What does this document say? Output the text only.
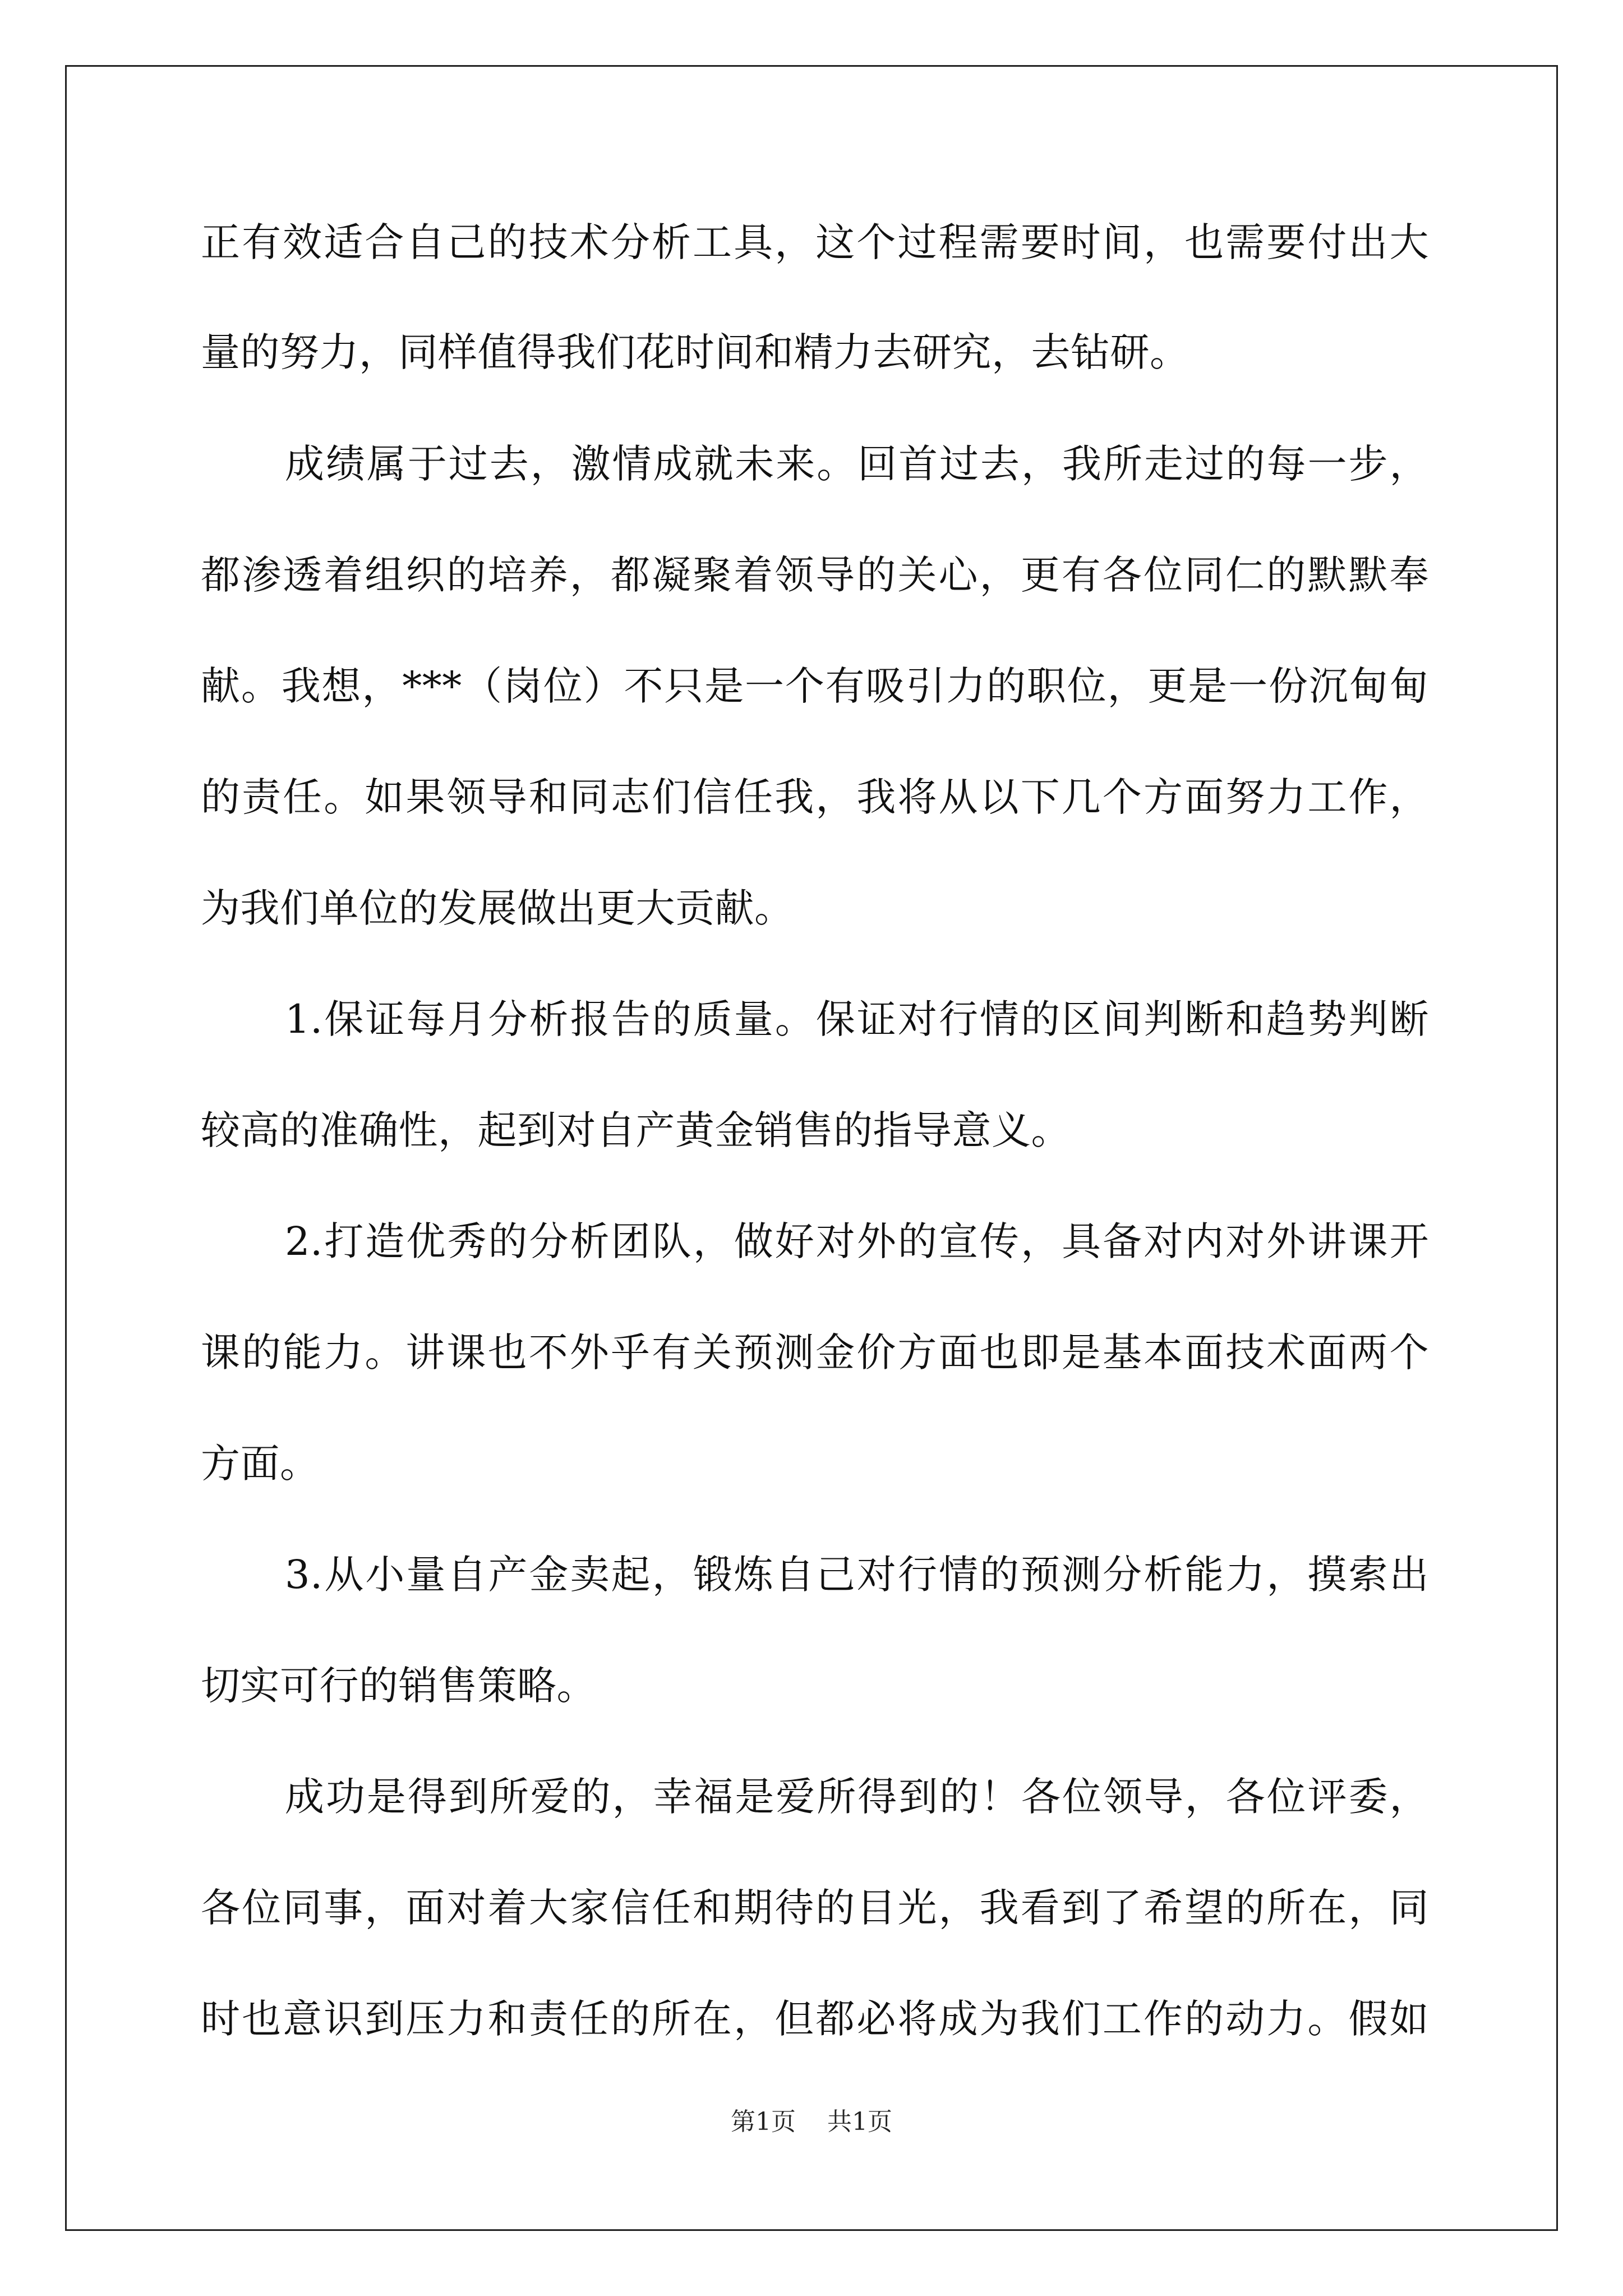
正有效适合自己的技术分析工具，这个过程需要时间，也需要付出大
量的努力，同样值得我们花时间和精力去研究，去钻研。
成绩属于过去，激情成就未来。回首过去，我所走过的每一步，
都渗透着组织的培养，都凝聚着领导的关心，更有各位同仁的默默奉
献。我想，***（岗位）不只是一个有吸引力的职位，更是一份沉甸甸
的责任。如果领导和同志们信任我，我将从以下几个方面努力工作，
为我们单位的发展做出更大贡献。
1.保证每月分析报告的质量。保证对行情的区间判断和趋势判断
较高的准确性，起到对自产黄金销售的指导意义。
2.打造优秀的分析团队，做好对外的宣传，具备对内对外讲课开
课的能力。讲课也不外乎有关预测金价方面也即是基本面技术面两个
方面。
3.从小量自产金卖起，锻炼自己对行情的预测分析能力，摸索出
切实可行的销售策略。
成功是得到所爱的，幸福是爱所得到的！各位领导，各位评委，
各位同事，面对着大家信任和期待的目光，我看到了希望的所在，同
时也意识到压力和责任的所在，但都必将成为我们工作的动力。假如
第1页 共1页
